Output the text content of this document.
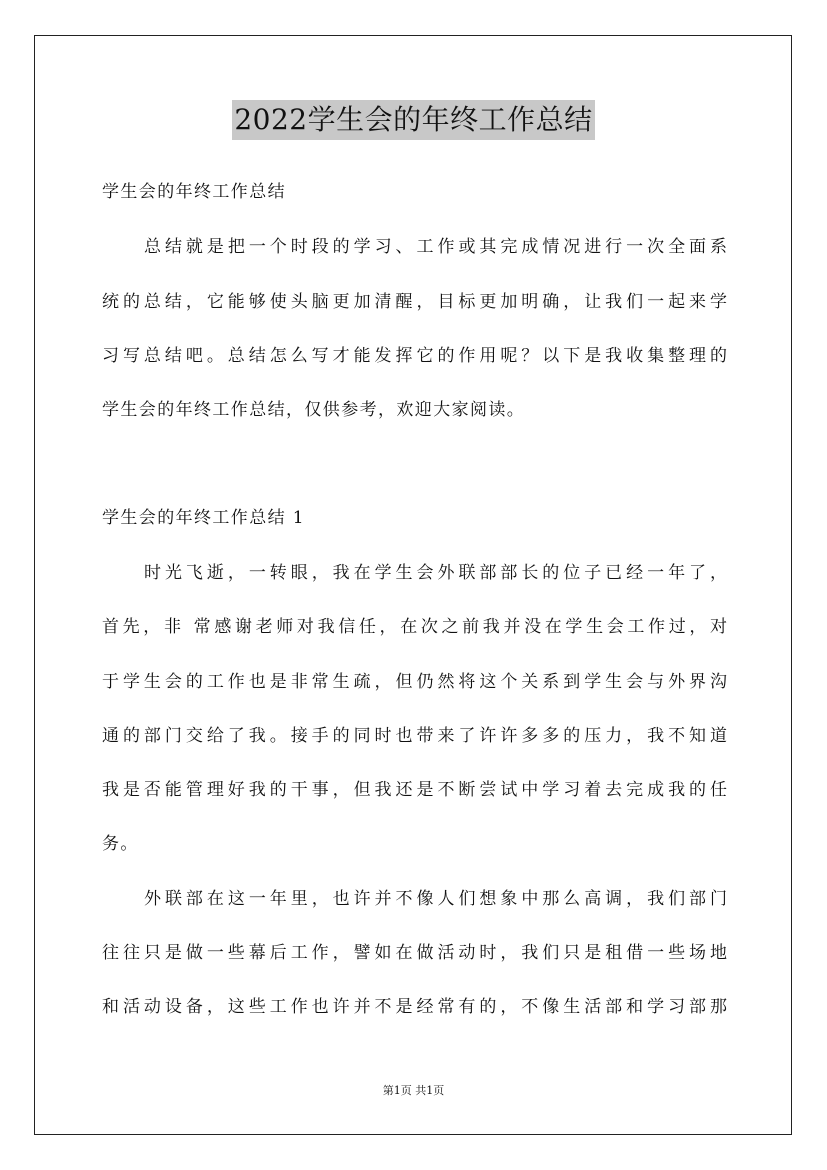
2022学生会的年终工作总结
学生会的年终工作总结
总结就是把一个时段的学习、工作或其完成情况进行一次全面系
统的总结，它能够使头脑更加清醒，目标更加明确，让我们一起来学
习写总结吧。总结怎么写才能发挥它的作用呢？以下是我收集整理的
学生会的年终工作总结，仅供参考，欢迎大家阅读。
学生会的年终工作总结 1
时光飞逝，一转眼，我在学生会外联部部长的位子已经一年了，
首先，非 常感谢老师对我信任，在次之前我并没在学生会工作过，对
于学生会的工作也是非常生疏，但仍然将这个关系到学生会与外界沟
通的部门交给了我。接手的同时也带来了许许多多的压力，我不知道
我是否能管理好我的干事，但我还是不断尝试中学习着去完成我的任
务。
外联部在这一年里，也许并不像人们想象中那么高调，我们部门
往往只是做一些幕后工作，譬如在做活动时，我们只是租借一些场地
和活动设备，这些工作也许并不是经常有的，不像生活部和学习部那
第1页 共1页
